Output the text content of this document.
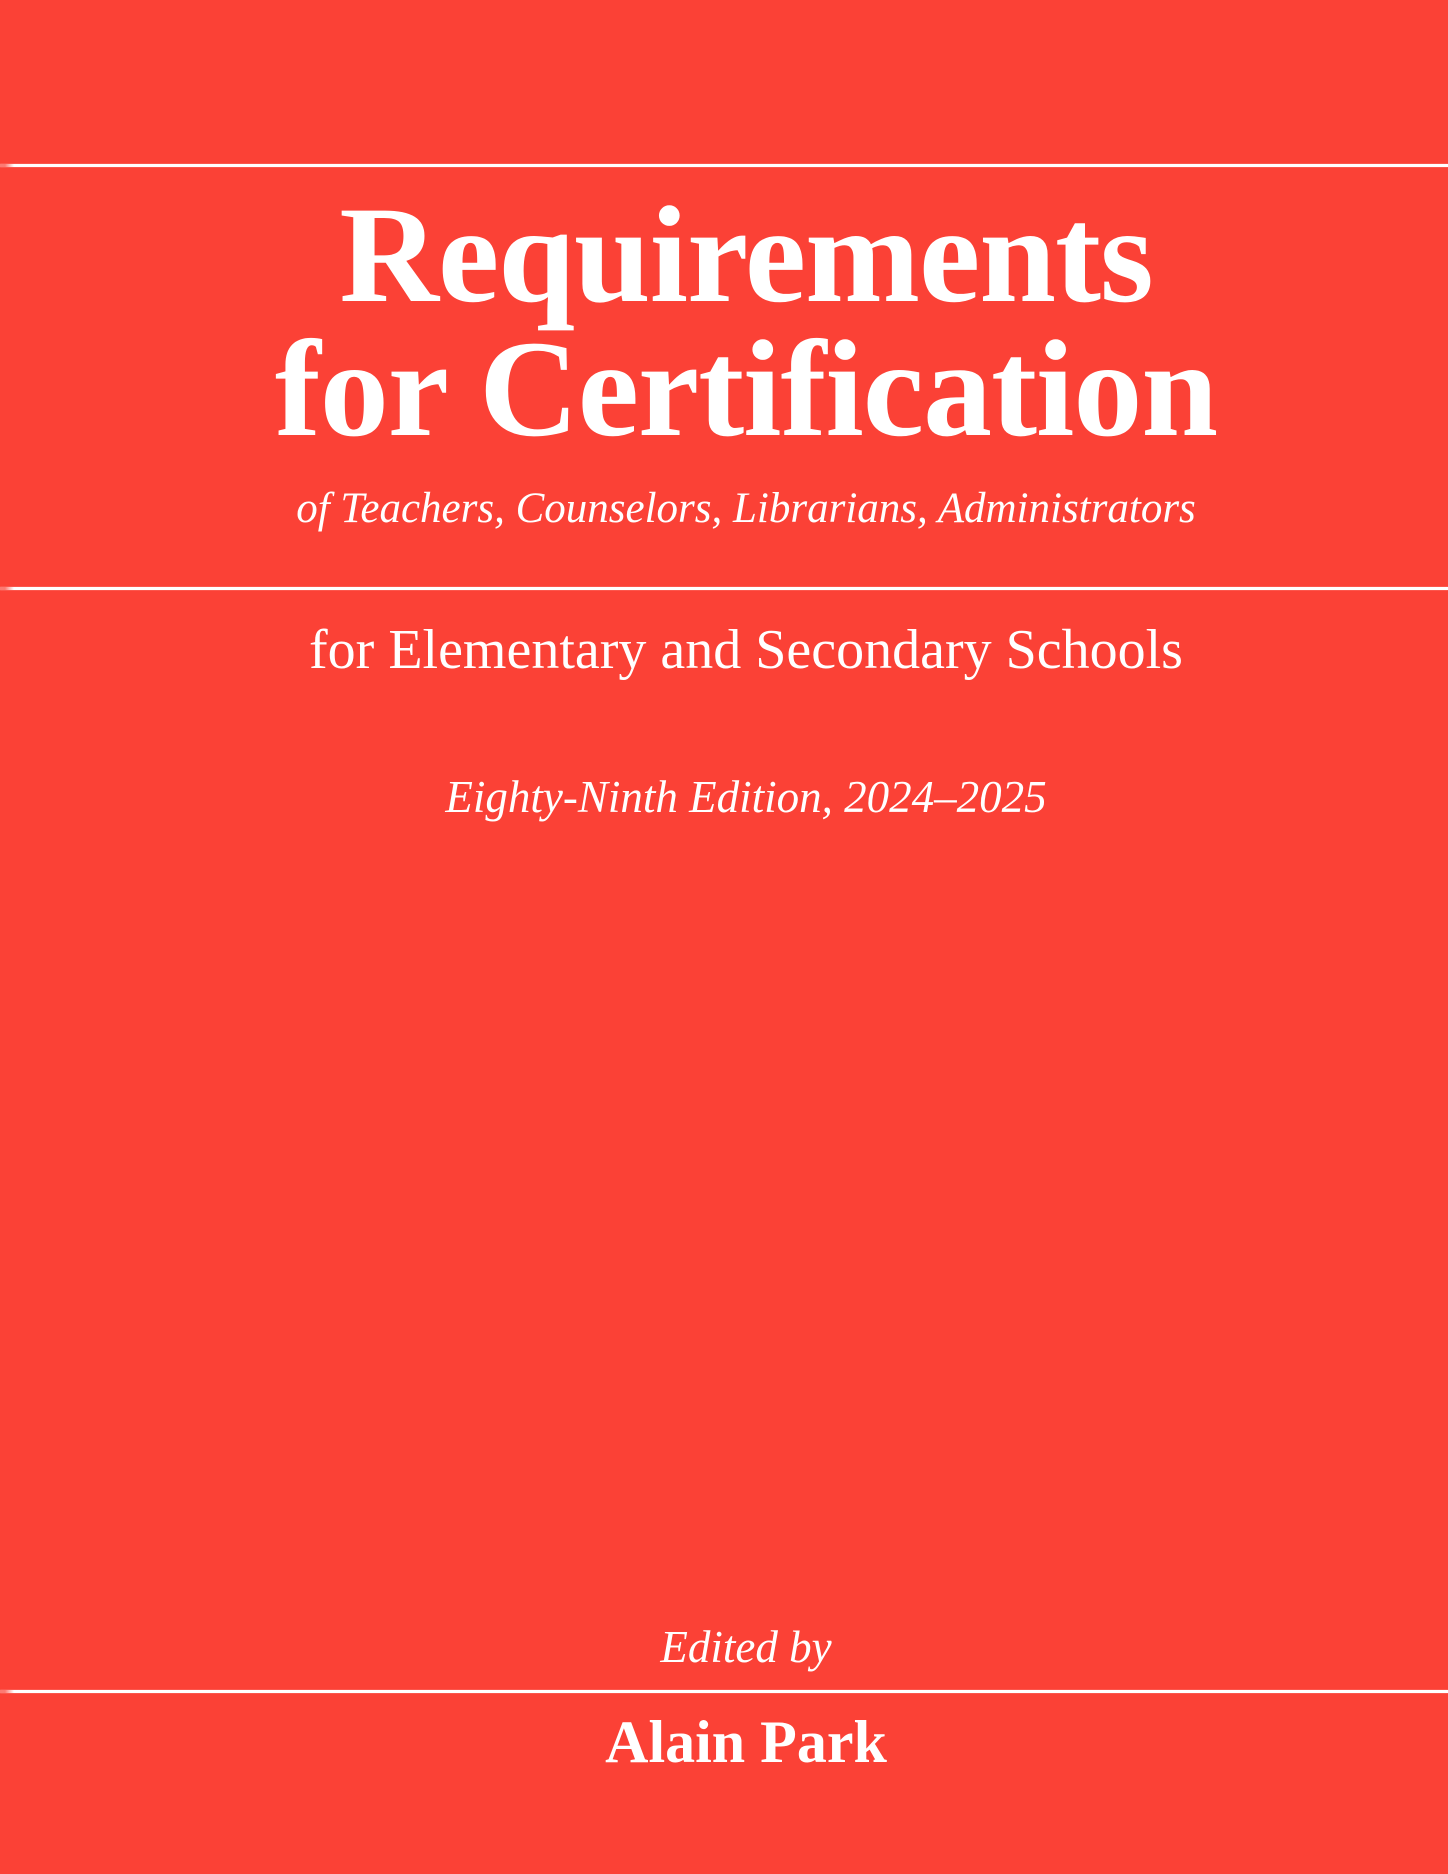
Requirements
for Certification
of Teachers, Counselors, Librarians, Administrators
for Elementary and Secondary Schools
Eighty-Ninth Edition, 2024–2025
Edited by
Alain Park
